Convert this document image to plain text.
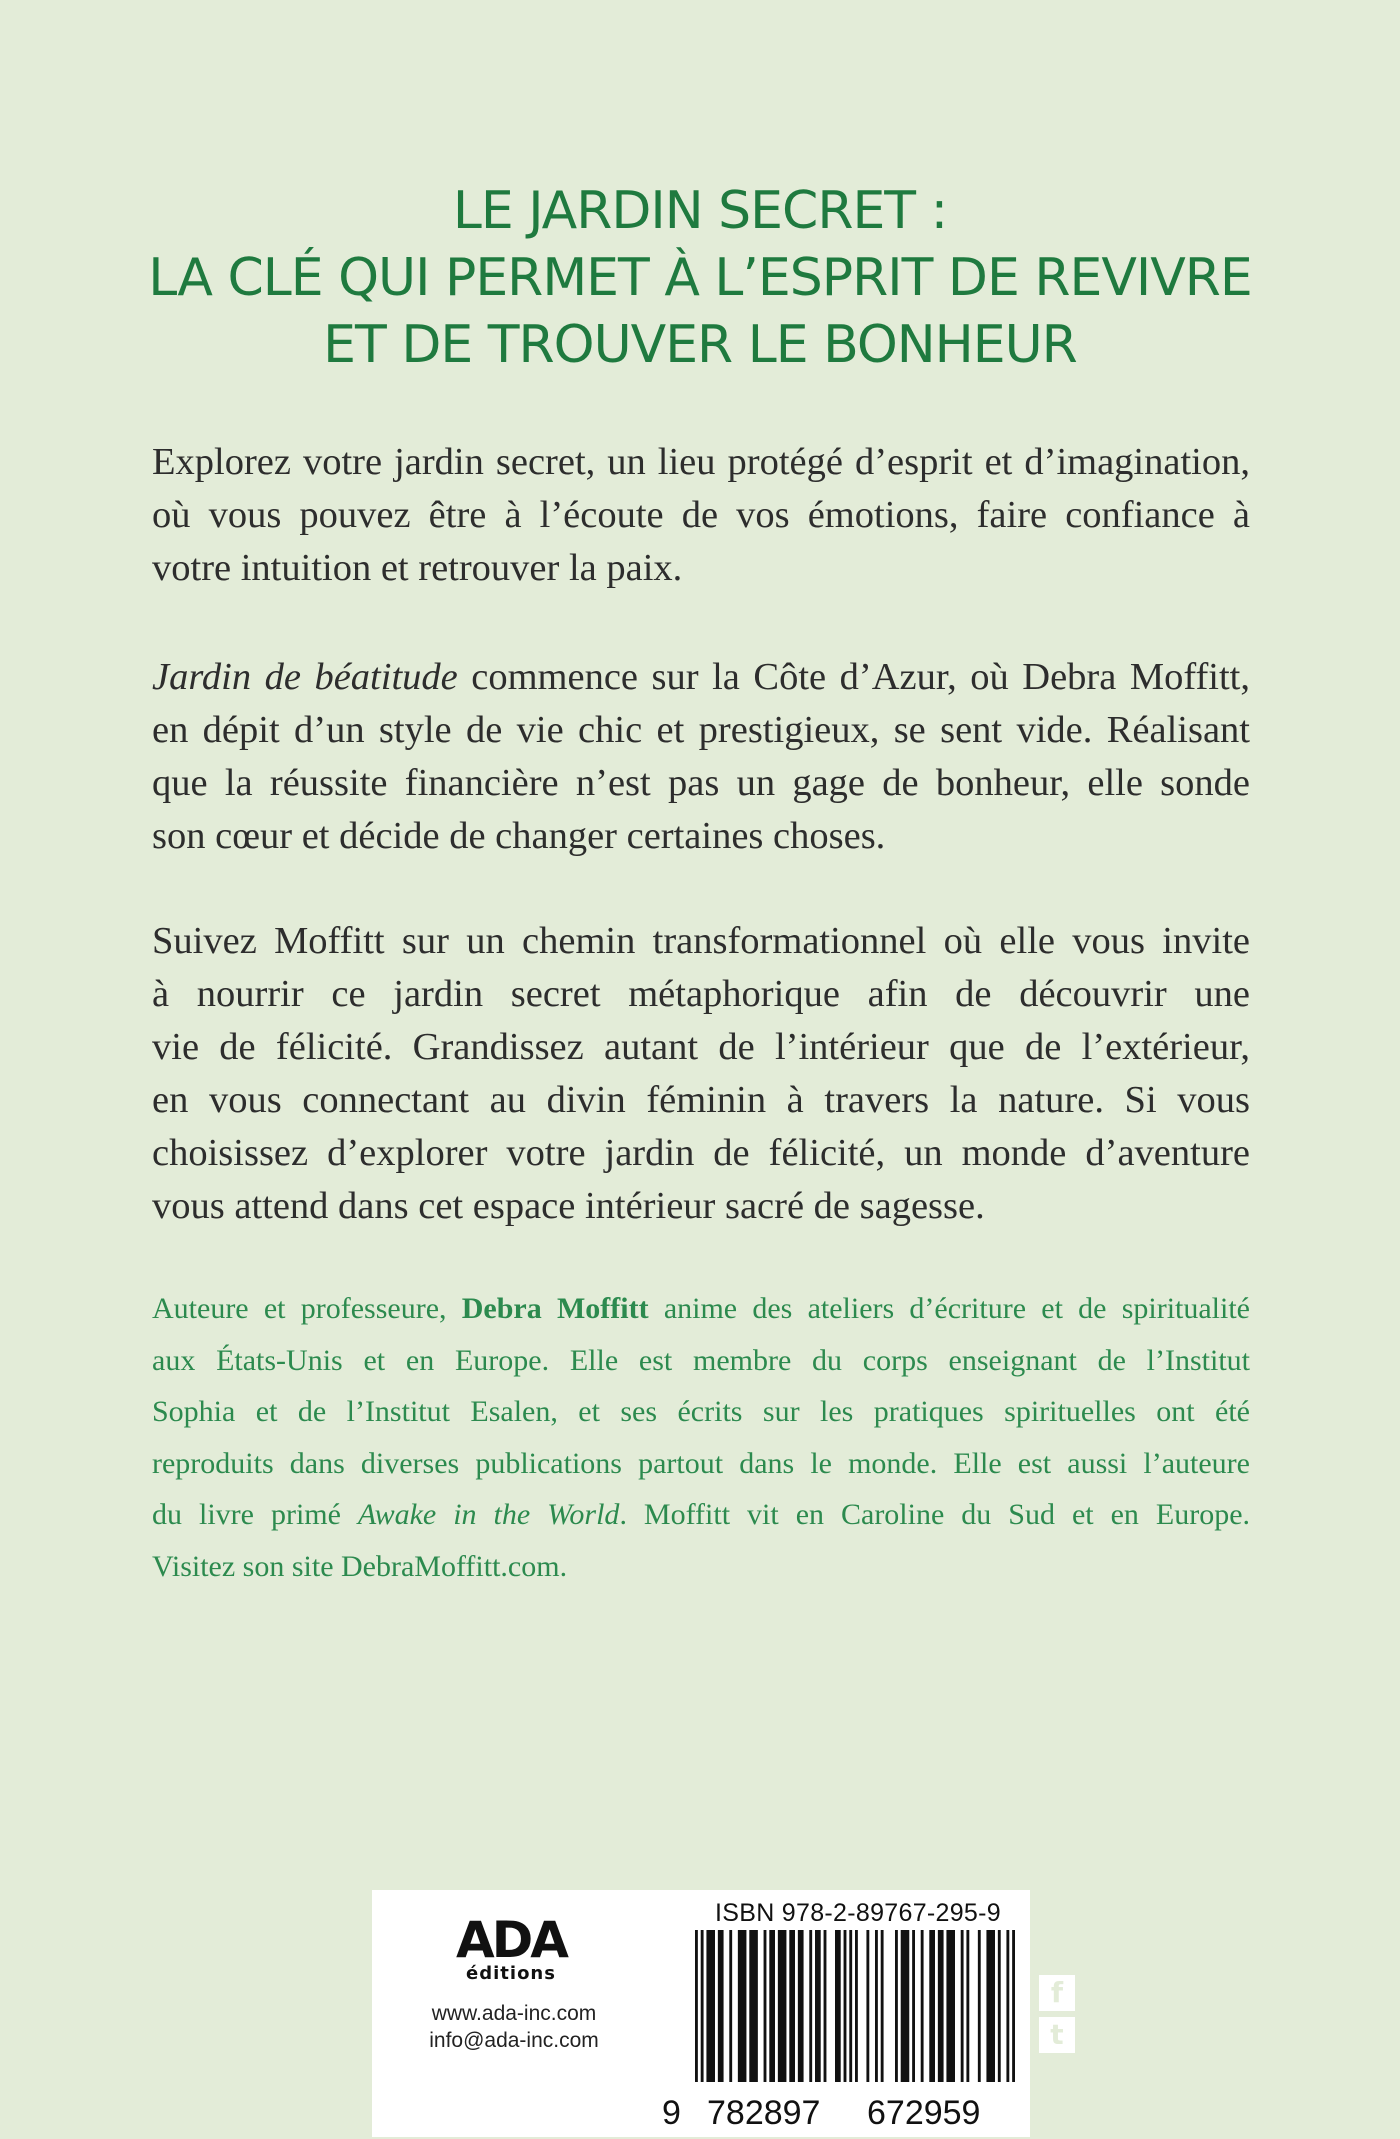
LE JARDIN SECRET :
LA CLÉ QUI PERMET À L’ESPRIT DE REVIVRE
ET DE TROUVER LE BONHEUR
Explorez votre jardin secret, un lieu protégé d’esprit et d’imagination,
où vous pouvez être à l’écoute de vos émotions, faire confiance à
votre intuition et retrouver la paix.
Jardin de béatitude commence sur la Côte d’Azur, où Debra Moffitt,
en dépit d’un style de vie chic et prestigieux, se sent vide. Réalisant
que la réussite financière n’est pas un gage de bonheur, elle sonde
son cœur et décide de changer certaines choses.
Suivez Moffitt sur un chemin transformationnel où elle vous invite
à nourrir ce jardin secret métaphorique afin de découvrir une
vie de félicité. Grandissez autant de l’intérieur que de l’extérieur,
en vous connectant au divin féminin à travers la nature. Si vous
choisissez d’explorer votre jardin de félicité, un monde d’aventure
vous attend dans cet espace intérieur sacré de sagesse.
Auteure et professeure, Debra Moffitt anime des ateliers d’écriture et de spiritualité
aux États-Unis et en Europe. Elle est membre du corps enseignant de l’Institut
Sophia et de l’Institut Esalen, et ses écrits sur les pratiques spirituelles ont été
reproduits dans diverses publications partout dans le monde. Elle est aussi l’auteure
du livre primé Awake in the World. Moffitt vit en Caroline du Sud et en Europe.
Visitez son site DebraMoffitt.com.
ADA
éditions
www.ada-inc.com
info@ada-inc.com
ISBN 978-2-89767-295-9
9 782897 672959
f
t
